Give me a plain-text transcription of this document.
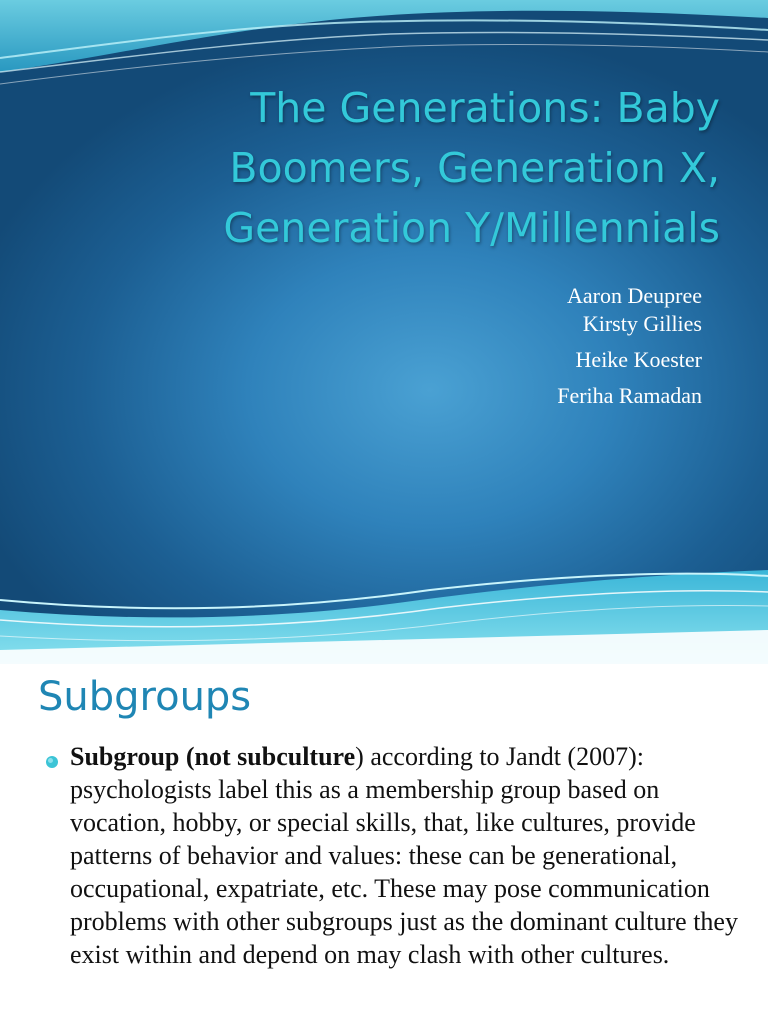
The Generations: Baby
Boomers, Generation X,
Generation Y/Millennials
Aaron Deupree
Kirsty Gillies
Heike Koester
Feriha Ramadan
Subgroups

Subgroup (not subculture) according to Jandt (2007): psychologists label this as a membership group based on vocation, hobby, or special skills, that, like cultures, provide patterns of behavior and values: these can be generational, occupational, expatriate, etc. These may pose communication problems with other subgroups just as the dominant culture they exist within and depend on may clash with other cultures.
